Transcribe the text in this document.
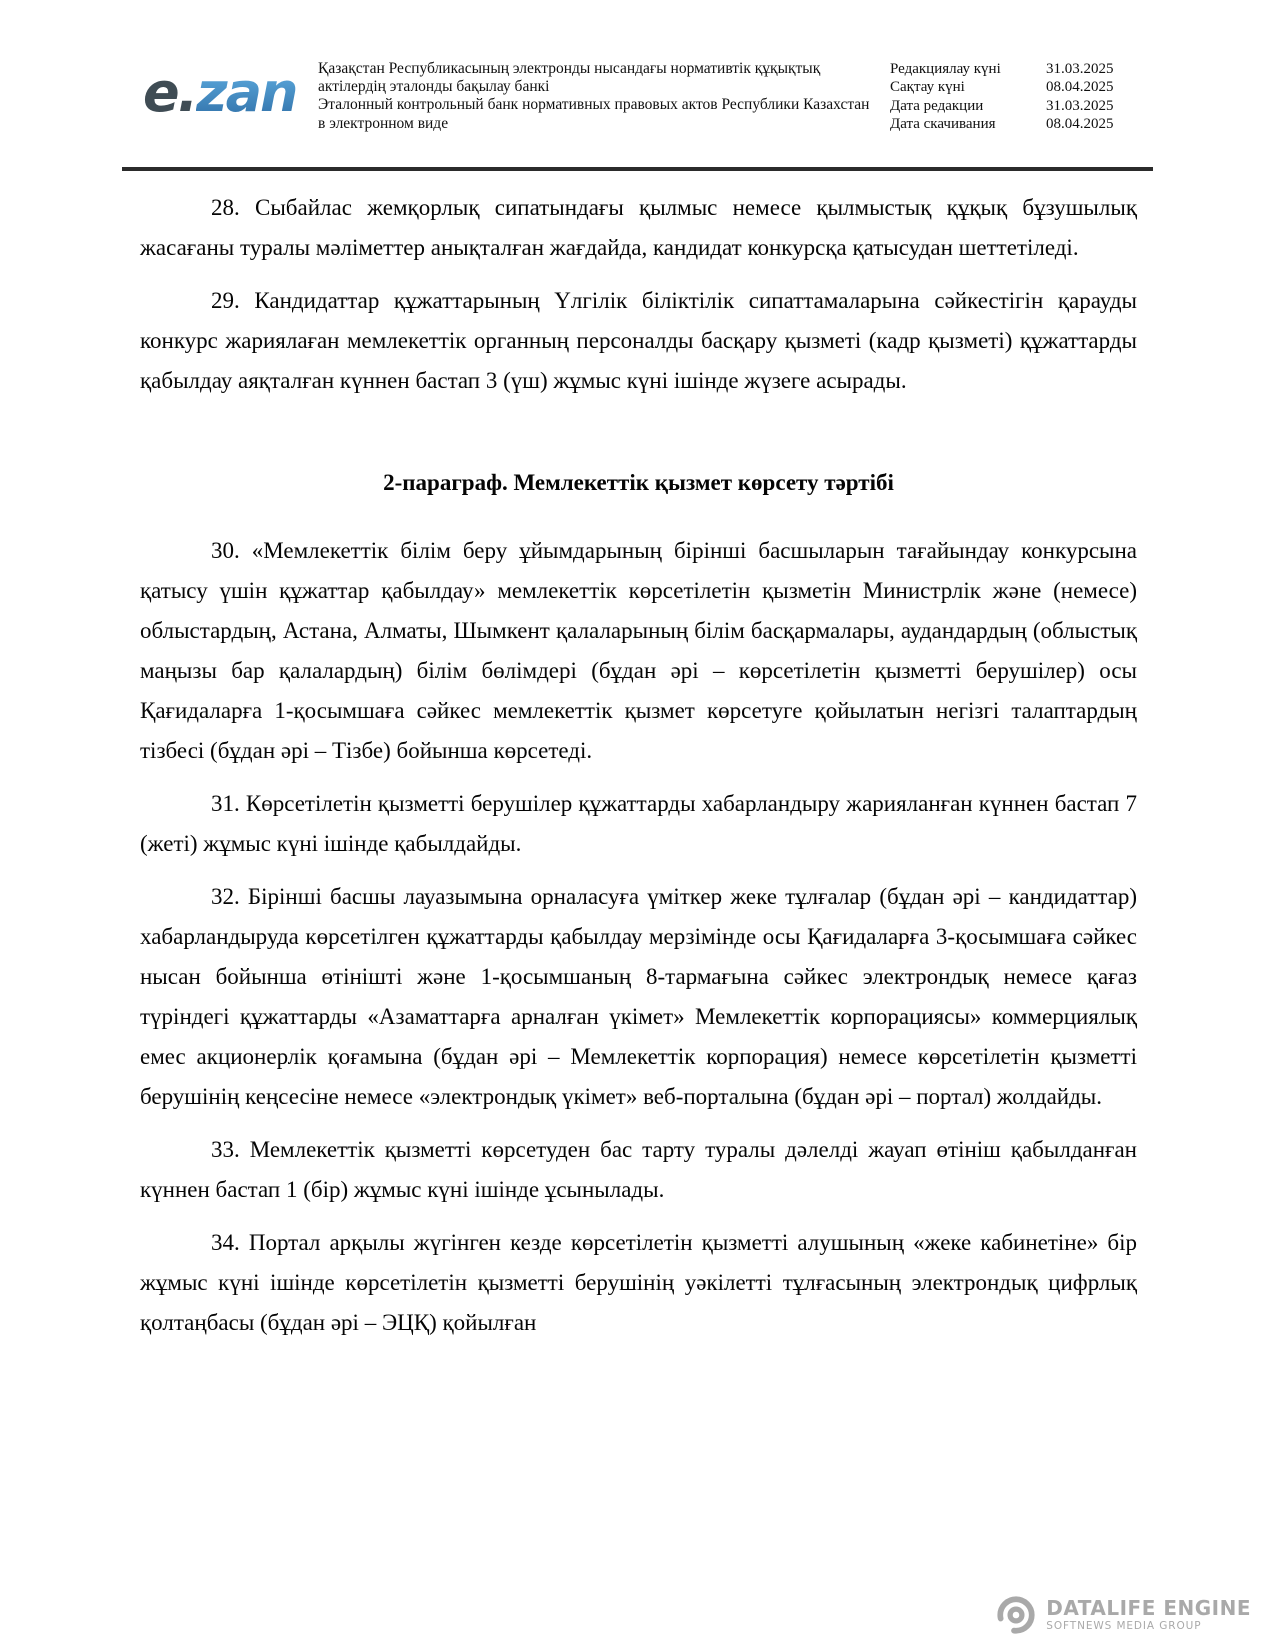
e.zan Қазақстан Республикасының электронды нысандағы нормативтік құқықтық актілердің эталонды бақылау банкі
Эталонный контрольный банк нормативных правовых актов Республики Казахстан в электронном виде
Редакциялау күні	31.03.2025
Сақтау күні	08.04.2025
Дата редакции	31.03.2025
Дата скачивания	08.04.2025

28. Сыбайлас жемқорлық сипатындағы қылмыс немесе қылмыстық құқық бұзушылық жасағаны туралы мәліметтер анықталған жағдайда, кандидат конкурсқа қатысудан шеттетіледі.

29. Кандидаттар құжаттарының Үлгілік біліктілік сипаттамаларына сәйкестігін қарауды конкурс жариялаған мемлекеттік органның персоналды басқару қызметі (кадр қызметі) құжаттарды қабылдау аяқталған күннен бастап 3 (үш) жұмыс күні ішінде жүзеге асырады.

2-параграф. Мемлекеттік қызмет көрсету тәртібі

30. «Мемлекеттік білім беру ұйымдарының бірінші басшыларын тағайындау конкурсына қатысу үшін құжаттар қабылдау» мемлекеттік көрсетілетін қызметін Министрлік және (немесе) облыстардың, Астана, Алматы, Шымкент қалаларының білім басқармалары, аудандардың (облыстық маңызы бар қалалардың) білім бөлімдері (бұдан әрі – көрсетілетін қызметті берушілер) осы Қағидаларға 1-қосымшаға сәйкес мемлекеттік қызмет көрсетуге қойылатын негізгі талаптардың тізбесі (бұдан әрі – Тізбе) бойынша көрсетеді.

31. Көрсетілетін қызметті берушілер құжаттарды хабарландыру жарияланған күннен бастап 7 (жеті) жұмыс күні ішінде қабылдайды.

32. Бірінші басшы лауазымына орналасуға үміткер жеке тұлғалар (бұдан әрі – кандидаттар) хабарландыруда көрсетілген құжаттарды қабылдау мерзімінде осы Қағидаларға 3-қосымшаға сәйкес нысан бойынша өтінішті және 1-қосымшаның 8-тармағына сәйкес электрондық немесе қағаз түріндегі құжаттарды «Азаматтарға арналған үкімет» Мемлекеттік корпорациясы» коммерциялық емес акционерлік қоғамына (бұдан әрі – Мемлекеттік корпорация) немесе көрсетілетін қызметті берушінің кеңсесіне немесе «электрондық үкімет» веб-порталына (бұдан әрі – портал) жолдайды.

33. Мемлекеттік қызметті көрсетуден бас тарту туралы дәлелді жауап өтініш қабылданған күннен бастап 1 (бір) жұмыс күні ішінде ұсынылады.

34. Портал арқылы жүгінген кезде көрсетілетін қызметті алушының «жеке кабинетіне» бір жұмыс күні ішінде көрсетілетін қызметті берушінің уәкілетті тұлғасының электрондық цифрлық қолтаңбасы (бұдан әрі – ЭЦҚ) қойылған

DATALIFE ENGINE
SOFTNEWS MEDIA GROUP
